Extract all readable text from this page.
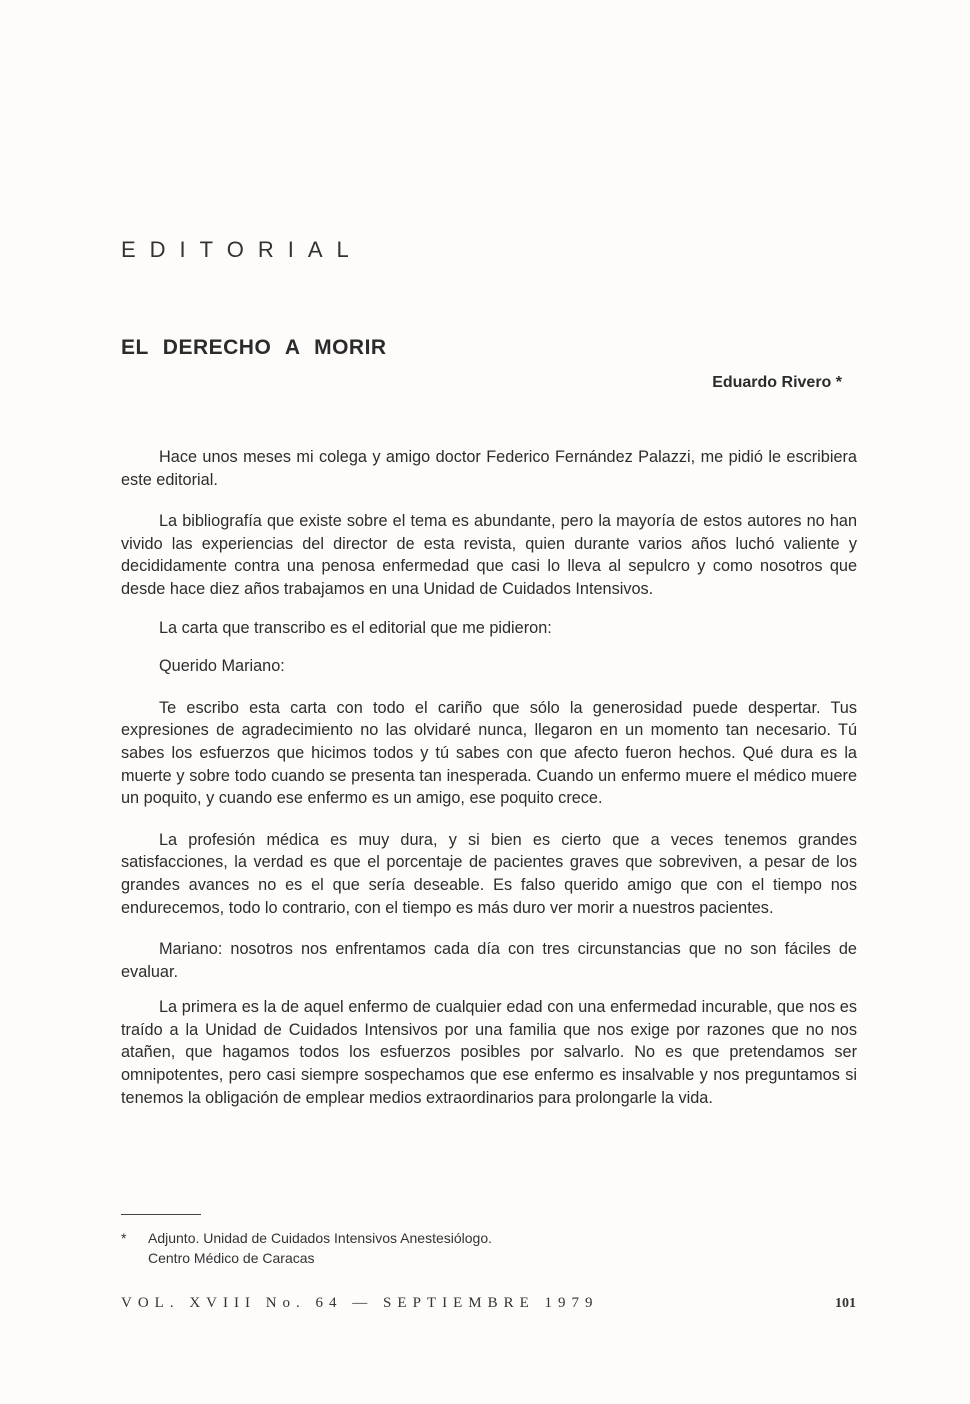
EDITORIAL
EL DERECHO A MORIR
Eduardo Rivero *

Hace unos meses mi colega y amigo doctor Federico Fernández Palazzi, me pidió le escribiera este editorial.

La bibliografía que existe sobre el tema es abundante, pero la mayoría de estos autores no han vivido las experiencias del director de esta revista, quien durante varios años luchó valiente y decididamente contra una penosa enfermedad que casi lo lleva al sepulcro y como nosotros que desde hace diez años trabajamos en una Unidad de Cuidados Intensivos.

La carta que transcribo es el editorial que me pidieron:

Querido Mariano:

Te escribo esta carta con todo el cariño que sólo la generosidad puede despertar. Tus expresiones de agradecimiento no las olvidaré nunca, llegaron en un momento tan necesario. Tú sabes los esfuerzos que hicimos todos y tú sabes con que afecto fueron hechos. Qué dura es la muerte y sobre todo cuando se presenta tan inesperada. Cuando un enfermo muere el médico muere un poquito, y cuando ese enfermo es un amigo, ese poquito crece.

La profesión médica es muy dura, y si bien es cierto que a veces tenemos grandes satisfacciones, la verdad es que el porcentaje de pacientes graves que sobreviven, a pesar de los grandes avances no es el que sería deseable. Es falso querido amigo que con el tiempo nos endurecemos, todo lo contrario, con el tiempo es más duro ver morir a nuestros pacientes.

Mariano: nosotros nos enfrentamos cada día con tres circunstancias que no son fáciles de evaluar.

La primera es la de aquel enfermo de cualquier edad con una enfermedad incurable, que nos es traído a la Unidad de Cuidados Intensivos por una familia que nos exige por razones que no nos atañen, que hagamos todos los esfuerzos posibles por salvarlo. No es que pretendamos ser omnipotentes, pero casi siempre sospechamos que ese enfermo es insalvable y nos preguntamos si tenemos la obligación de emplear medios extraordinarios para prolongarle la vida.

* Adjunto. Unidad de Cuidados Intensivos Anestesiólogo.
Centro Médico de Caracas
VOL. XVIII No. 64 — SEPTIEMBRE 1979	101
